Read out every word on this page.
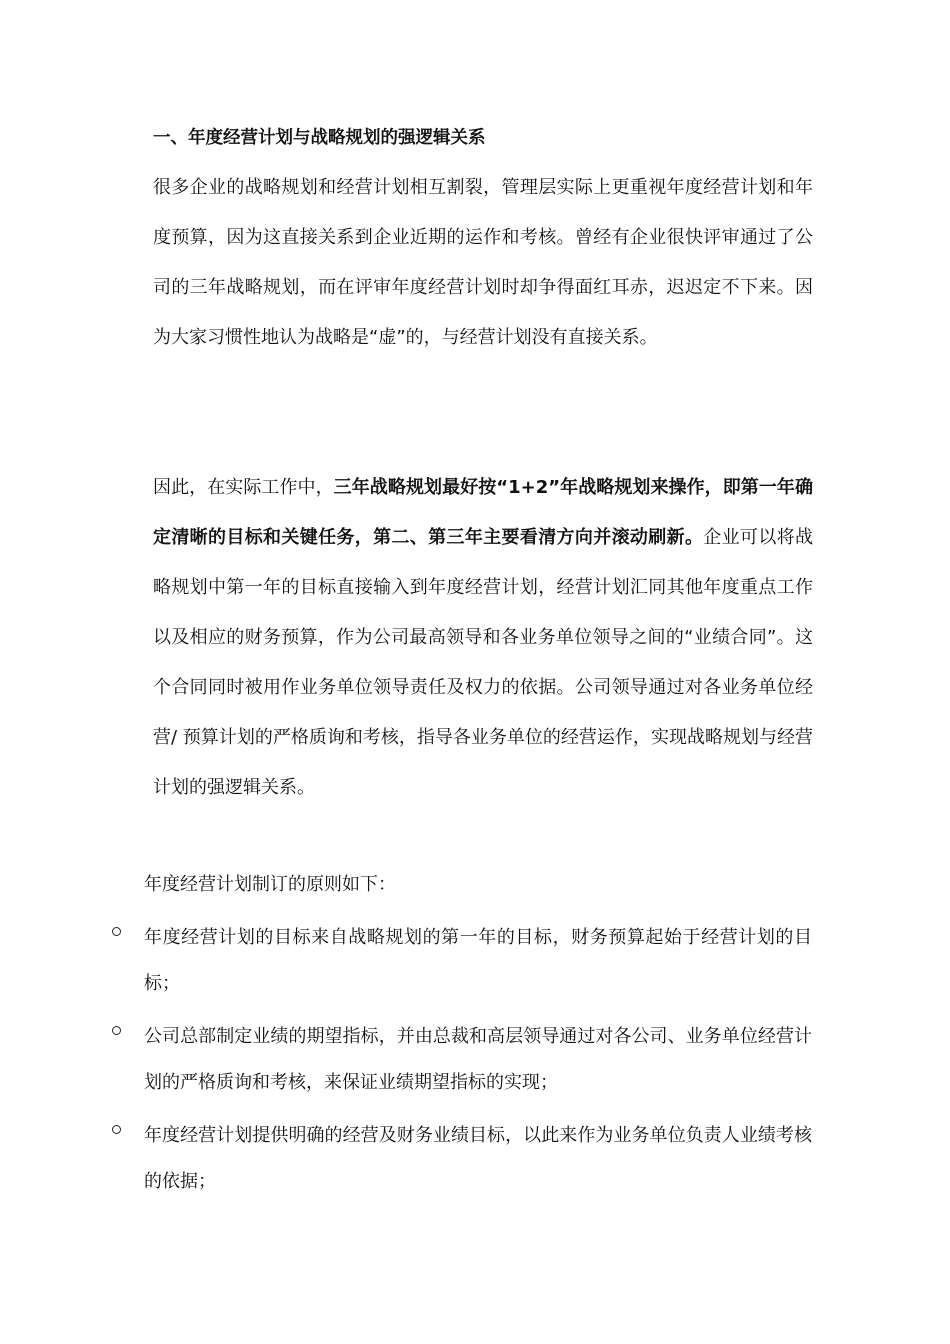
一、年度经营计划与战略规划的强逻辑关系
很多企业的战略规划和经营计划相互割裂，管理层实际上更重视年度经营计划和年度预算，因为这直接关系到企业近期的运作和考核。曾经有企业很快评审通过了公司的三年战略规划，而在评审年度经营计划时却争得面红耳赤，迟迟定不下来。因为大家习惯性地认为战略是“虚”的，与经营计划没有直接关系。
因此，在实际工作中，三年战略规划最好按“1+2”年战略规划来操作，即第一年确定清晰的目标和关键任务，第二、第三年主要看清方向并滚动刷新。企业可以将战略规划中第一年的目标直接输入到年度经营计划，经营计划汇同其他年度重点工作以及相应的财务预算，作为公司最高领导和各业务单位领导之间的“业绩合同”。这个合同同时被用作业务单位领导责任及权力的依据。公司领导通过对各业务单位经营/ 预算计划的严格质询和考核，指导各业务单位的经营运作，实现战略规划与经营计划的强逻辑关系。
年度经营计划制订的原则如下：
年度经营计划的目标来自战略规划的第一年的目标，财务预算起始于经营计划的目标；
公司总部制定业绩的期望指标，并由总裁和高层领导通过对各公司、业务单位经营计划的严格质询和考核，来保证业绩期望指标的实现；
年度经营计划提供明确的经营及财务业绩目标，以此来作为业务单位负责人业绩考核的依据；
